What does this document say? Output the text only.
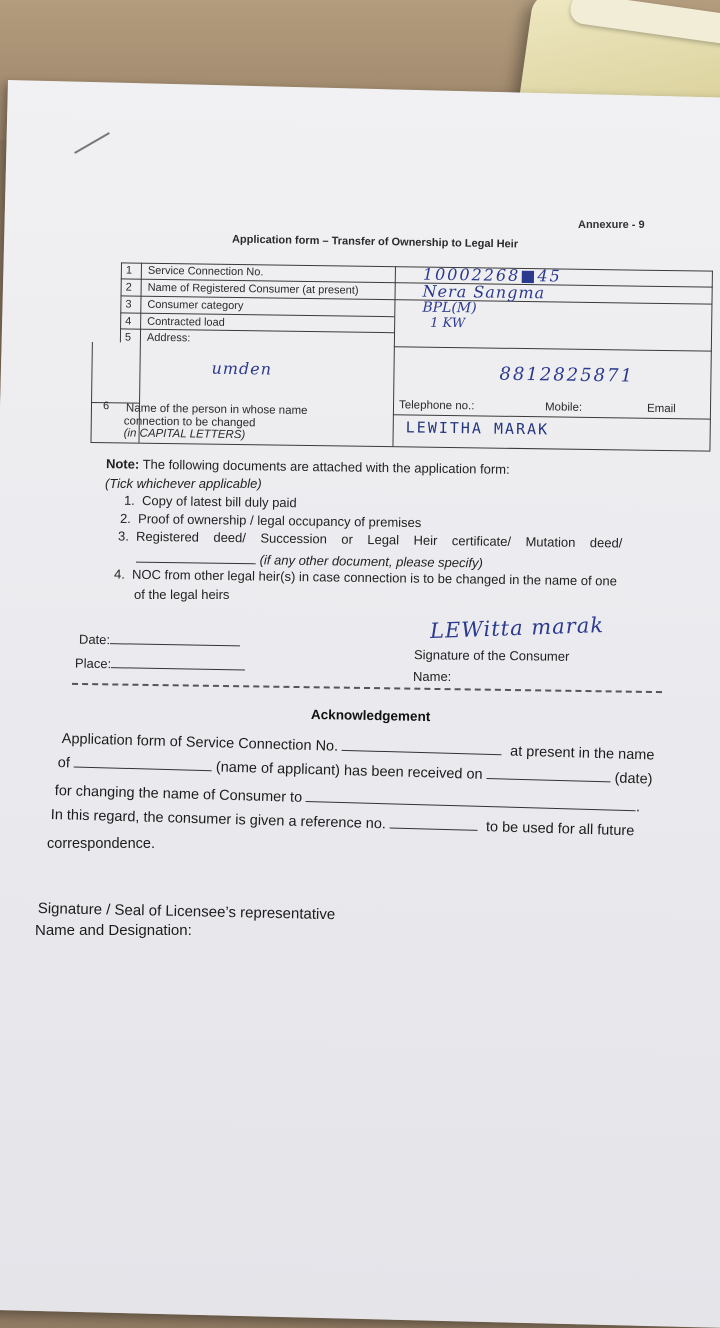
Annexure - 9
Application form – Transfer of Ownership to Legal Heir
1 Service Connection No.	10002268■45
2 Name of Registered Consumer (at present)	Nera Sangma
3 Consumer category	BPL(M)
4 Contracted load	1 KW
5 Address:
umden	8812825871
Telephone no.:	Mobile:	Email
6 Name of the person in whose name
connection to be changed
(in CAPITAL LETTERS)	LEWITHA MARAK
Note: The following documents are attached with the application form:
(Tick whichever applicable)
1. Copy of latest bill duly paid
2. Proof of ownership / legal occupancy of premises
3. Registered    deed/    Succession    or    Legal    Heir    certificate/    Mutation    deed/
(if any other document, please specify)
4. NOC from other legal heir(s) in case connection is to be changed in the name of one
of the legal heirs
Date:
Place:
LEWitta marak
Signature of the Consumer
Name:
Acknowledgement
Application form of Service Connection No.	at present in the name
of	(name of applicant) has been received on	(date)
for changing the name of Consumer to .
In this regard, the consumer is given a reference no.	to be used for all future
correspondence.
Signature / Seal of Licensee’s representative
Name and Designation:
